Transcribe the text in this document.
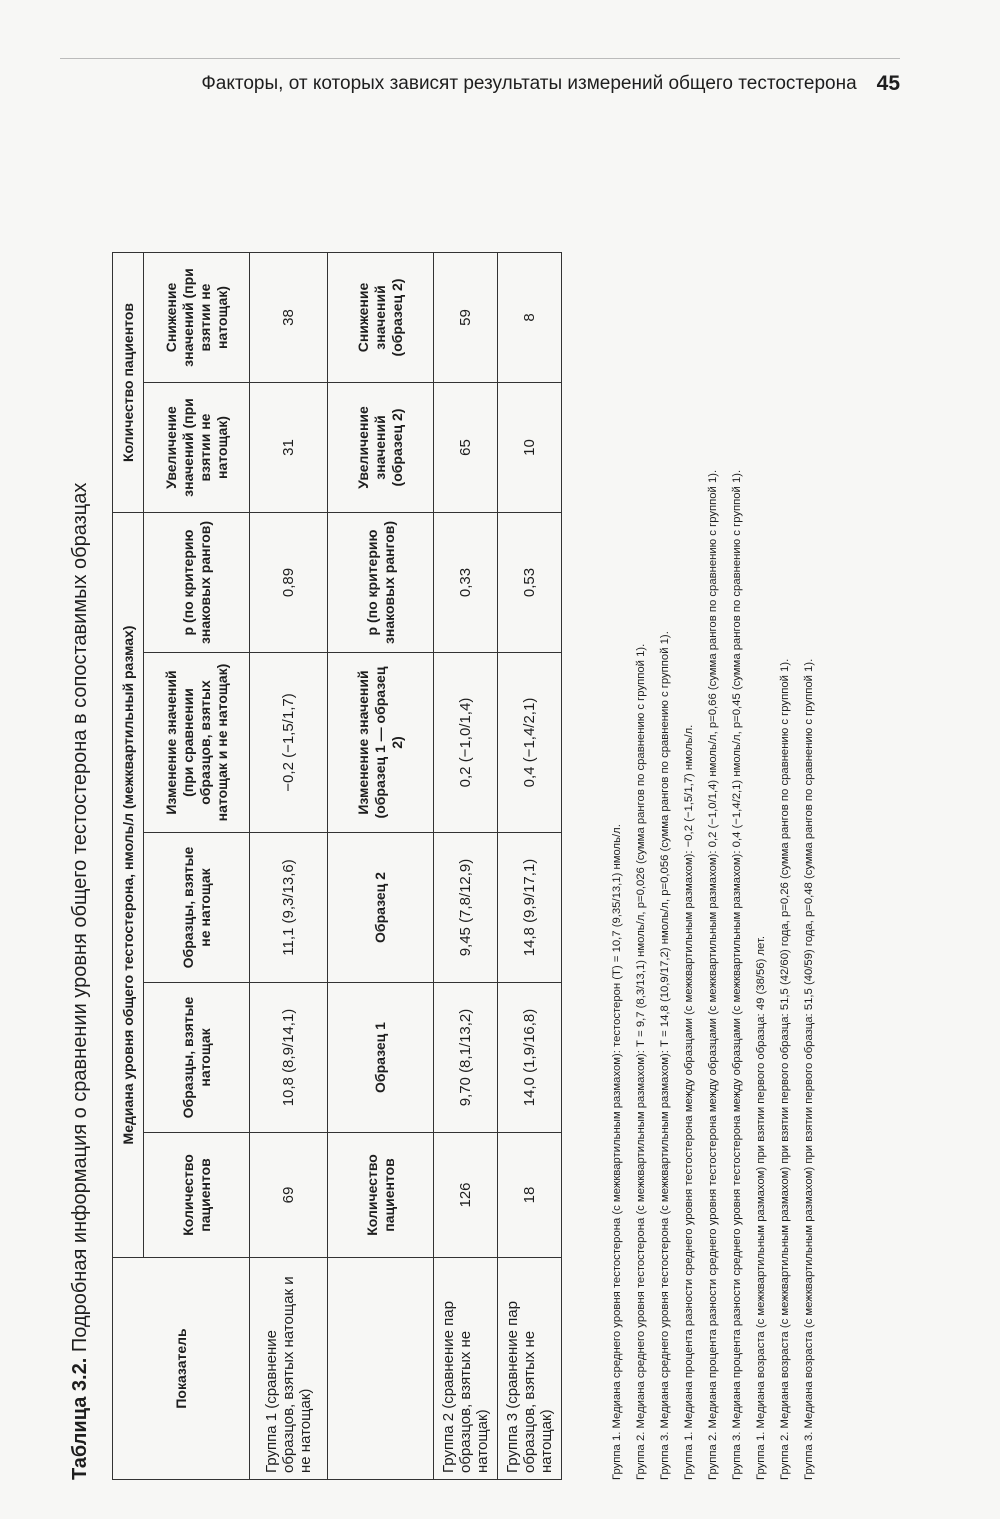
Факторы, от которых зависят результаты измерений общего тестостерона 45
Таблица 3.2. Подробная информация о сравнении уровня общего тестостерона в сопоставимых образцах
Показатель	Медиана уровня общего тестостерона, нмоль/л (межквартильный размах)					Количество пациентов	
	Количество пациентов	Образцы, взятые натощак	Образцы, взятые не натощак	Изменение значений (при сравнении образцов, взятых натощак и не натощак)	р (по критерию знаковых рангов)	Увеличение значений (при взятии не натощак)	Снижение значений (при взятии не натощак)
Группа 1 (сравнение образцов, взятых натощак и не натощак)	69	10,8 (8,9/14,1)	11,1 (9,3/13,6)	−0,2 (−1,5/1,7)	0,89	31	38
	Количество пациентов	Образец 1	Образец 2	Изменение значений (образец 1 — образец 2)	р (по критерию знаковых рангов)	Увеличение значений (образец 2)	Снижение значений (образец 2)
Группа 2 (сравнение пар образцов, взятых не натощак)	126	9,70 (8,1/13,2)	9,45 (7,8/12,9)	0,2 (−1,0/1,4)	0,33	65	59
Группа 3 (сравнение пар образцов, взятых не натощак)	18	14,0 (1,9/16,8)	14,8 (9,9/17,1)	0,4 (−1,4/2,1)	0,53	10	8
Группа 1. Медиана среднего уровня тестостерона (с межквартильным размахом): тестостерон (Т) = 10,7 (9,35/13,1) нмоль/л. Группа 2. Медиана среднего уровня тестостерона (с межквартильным размахом): Т = 9,7 (8,3/13,1) нмоль/л, р=0,026 (сумма рангов по сравнению с группой 1). Группа 3. Медиана среднего уровня тестостерона (с межквартильным размахом): Т = 14,8 (10,9/17,2) нмоль/л, р=0,056 (сумма рангов по сравнению с группой 1). Группа 1. Медиана процента разности среднего уровня тестостерона между образцами (с межквартильным размахом): −0,2 (−1,5/1,7) нмоль/л. Группа 2. Медиана процента разности среднего уровня тестостерона между образцами (с межквартильным размахом): 0,2 (−1,0/1,4) нмоль/л, р=0,66 (сумма рангов по сравнению с группой 1). Группа 3. Медиана процента разности среднего уровня тестостерона между образцами (с межквартильным размахом): 0,4 (−1,4/2,1) нмоль/л, р=0,45 (сумма рангов по сравнению с группой 1). Группа 1. Медиана возраста (с межквартильным размахом) при взятии первого образца: 49 (38/56) лет. Группа 2. Медиана возраста (с межквартильным размахом) при взятии первого образца: 51,5 (42/60) года, р=0,26 (сумма рангов по сравнению с группой 1). Группа 3. Медиана возраста (с межквартильным размахом) при взятии первого образца: 51,5 (40/59) года, р=0,48 (сумма рангов по сравнению с группой 1).
